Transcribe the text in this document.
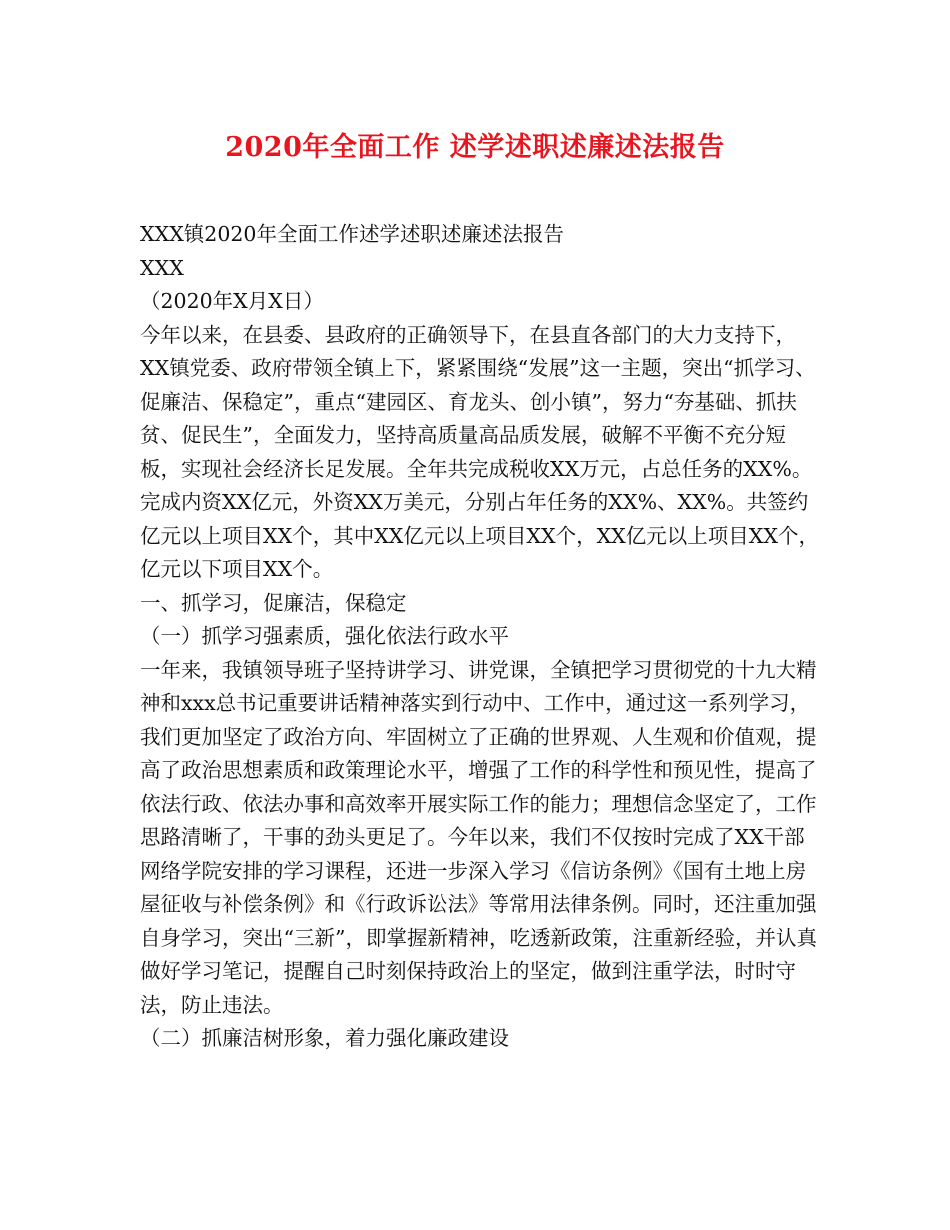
2020年全面工作 述学述职述廉述法报告

XXX镇2020年全面工作述学述职述廉述法报告

XXX

（2020年X月X日）

今年以来，在县委、县政府的正确领导下，在县直各部门的大力支持下，XX镇党委、政府带领全镇上下，紧紧围绕“发展”这一主题，突出“抓学习、促廉洁、保稳定”，重点“建园区、育龙头、创小镇”，努力“夯基础、抓扶贫、促民生”，全面发力，坚持高质量高品质发展，破解不平衡不充分短板，实现社会经济长足发展。全年共完成税收XX万元，占总任务的XX%。完成内资XX亿元，外资XX万美元，分别占年任务的XX%、XX%。共签约亿元以上项目XX个，其中XX亿元以上项目XX个，XX亿元以上项目XX个，亿元以下项目XX个。

一、抓学习，促廉洁，保稳定

（一）抓学习强素质，强化依法行政水平

一年来，我镇领导班子坚持讲学习、讲党课，全镇把学习贯彻党的十九大精神和xxx总书记重要讲话精神落实到行动中、工作中，通过这一系列学习，我们更加坚定了政治方向、牢固树立了正确的世界观、人生观和价值观，提高了政治思想素质和政策理论水平，增强了工作的科学性和预见性，提高了依法行政、依法办事和高效率开展实际工作的能力；理想信念坚定了，工作思路清晰了，干事的劲头更足了。今年以来，我们不仅按时完成了XX干部网络学院安排的学习课程，还进一步深入学习《信访条例》《国有土地上房屋征收与补偿条例》和《行政诉讼法》等常用法律条例。同时，还注重加强自身学习，突出“三新”，即掌握新精神，吃透新政策，注重新经验，并认真做好学习笔记，提醒自己时刻保持政治上的坚定，做到注重学法，时时守法，防止违法。

（二）抓廉洁树形象，着力强化廉政建设
